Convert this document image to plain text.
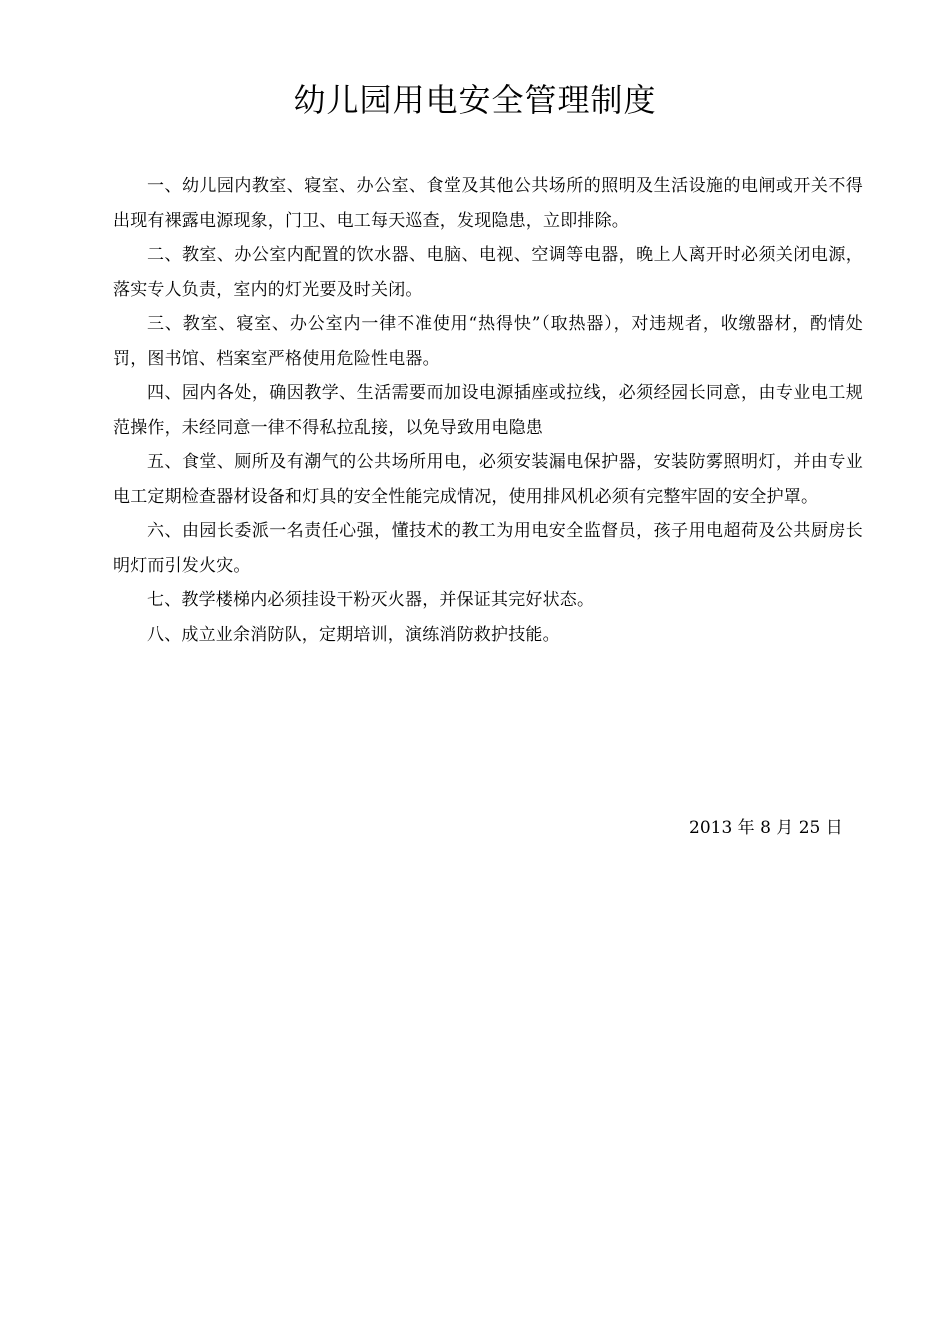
幼儿园用电安全管理制度

一、幼儿园内教室、寝室、办公室、食堂及其他公共场所的照明及生活设施的电闸或开关不得出现有裸露电源现象，门卫、电工每天巡查，发现隐患，立即排除。

二、教室、办公室内配置的饮水器、电脑、电视、空调等电器，晚上人离开时必须关闭电源，落实专人负责，室内的灯光要及时关闭。

三、教室、寝室、办公室内一律不准使用“热得快”（取热器），对违规者，收缴器材，酌情处罚，图书馆、档案室严格使用危险性电器。

四、园内各处，确因教学、生活需要而加设电源插座或拉线，必须经园长同意，由专业电工规范操作，未经同意一律不得私拉乱接，以免导致用电隐患

五、食堂、厕所及有潮气的公共场所用电，必须安装漏电保护器，安装防雾照明灯，并由专业电工定期检查器材设备和灯具的安全性能完成情况，使用排风机必须有完整牢固的安全护罩。

六、由园长委派一名责任心强，懂技术的教工为用电安全监督员，孩子用电超荷及公共厨房长明灯而引发火灾。

七、教学楼梯内必须挂设干粉灭火器，并保证其完好状态。

八、成立业余消防队，定期培训，演练消防救护技能。

2013 年 8 月 25 日
